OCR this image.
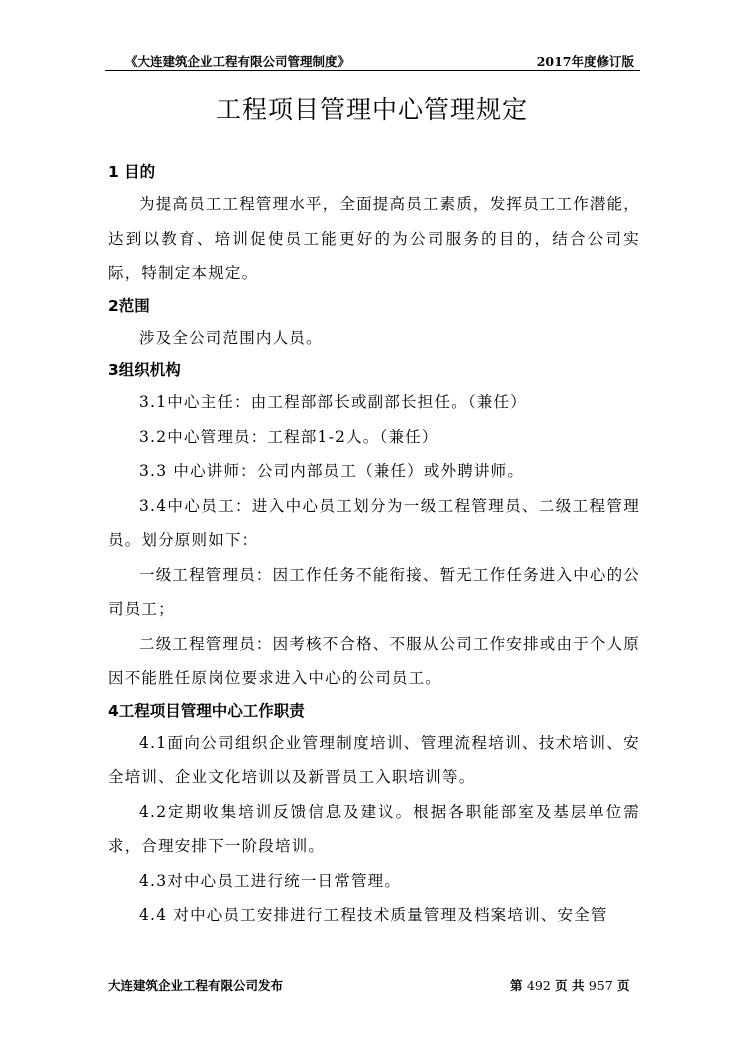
《大连建筑企业工程有限公司管理制度》	2017年度修订版
工程项目管理中心管理规定
1 目的
为提高员工工程管理水平，全面提高员工素质，发挥员工工作潜能，达到以教育、培训促使员工能更好的为公司服务的目的，结合公司实际，特制定本规定。
2范围
涉及全公司范围内人员。
3组织机构
3.1中心主任：由工程部部长或副部长担任。（兼任）
3.2中心管理员：工程部1-2人。（兼任）
3.3 中心讲师：公司内部员工（兼任）或外聘讲师。
3.4中心员工：进入中心员工划分为一级工程管理员、二级工程管理员。划分原则如下：
一级工程管理员：因工作任务不能衔接、暂无工作任务进入中心的公司员工；
二级工程管理员：因考核不合格、不服从公司工作安排或由于个人原因不能胜任原岗位要求进入中心的公司员工。
4工程项目管理中心工作职责
4.1面向公司组织企业管理制度培训、管理流程培训、技术培训、安全培训、企业文化培训以及新晋员工入职培训等。
4.2定期收集培训反馈信息及建议。根据各职能部室及基层单位需求，合理安排下一阶段培训。
4.3对中心员工进行统一日常管理。
4.4 对中心员工安排进行工程技术质量管理及档案培训、安全管
大连建筑企业工程有限公司发布	第 492 页 共 957 页
